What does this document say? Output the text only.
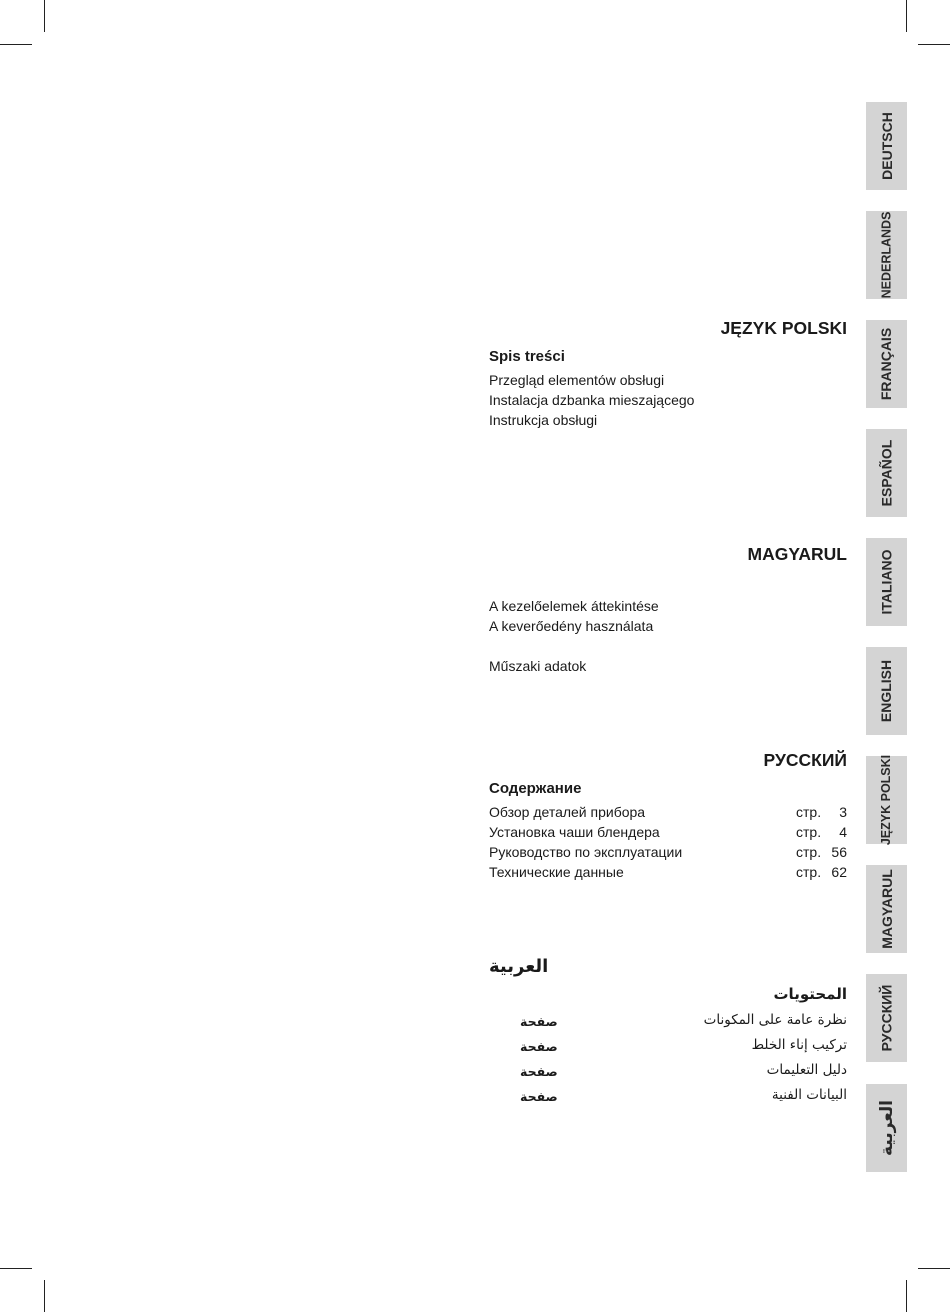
DEUTSCH
NEDERLANDS
FRANÇAIS
ESPAÑOL
ITALIANO
ENGLISH
JĘZYK POLSKI
MAGYARUL
РУССКИЙ
العربية
JĘZYK POLSKI
Spis treści
Przegląd elementów obsługi
Instalacja dzbanka mieszającego
Instrukcja obsługi
MAGYARUL
A kezelőelemek áttekintése
A keverőedény használata
Műszaki adatok
РУССКИЙ
Содержание
Обзор деталей прибора	стр. 3
Установка чаши блендера	стр. 4
Руководство по эксплуатации	стр. 56
Технические данные	стр. 62
العربية
المحتويات
نظرة عامة على المكونات
صفحة
تركيب إناء الخلط
صفحة
دليل التعليمات
صفحة
البيانات الفنية
صفحة
